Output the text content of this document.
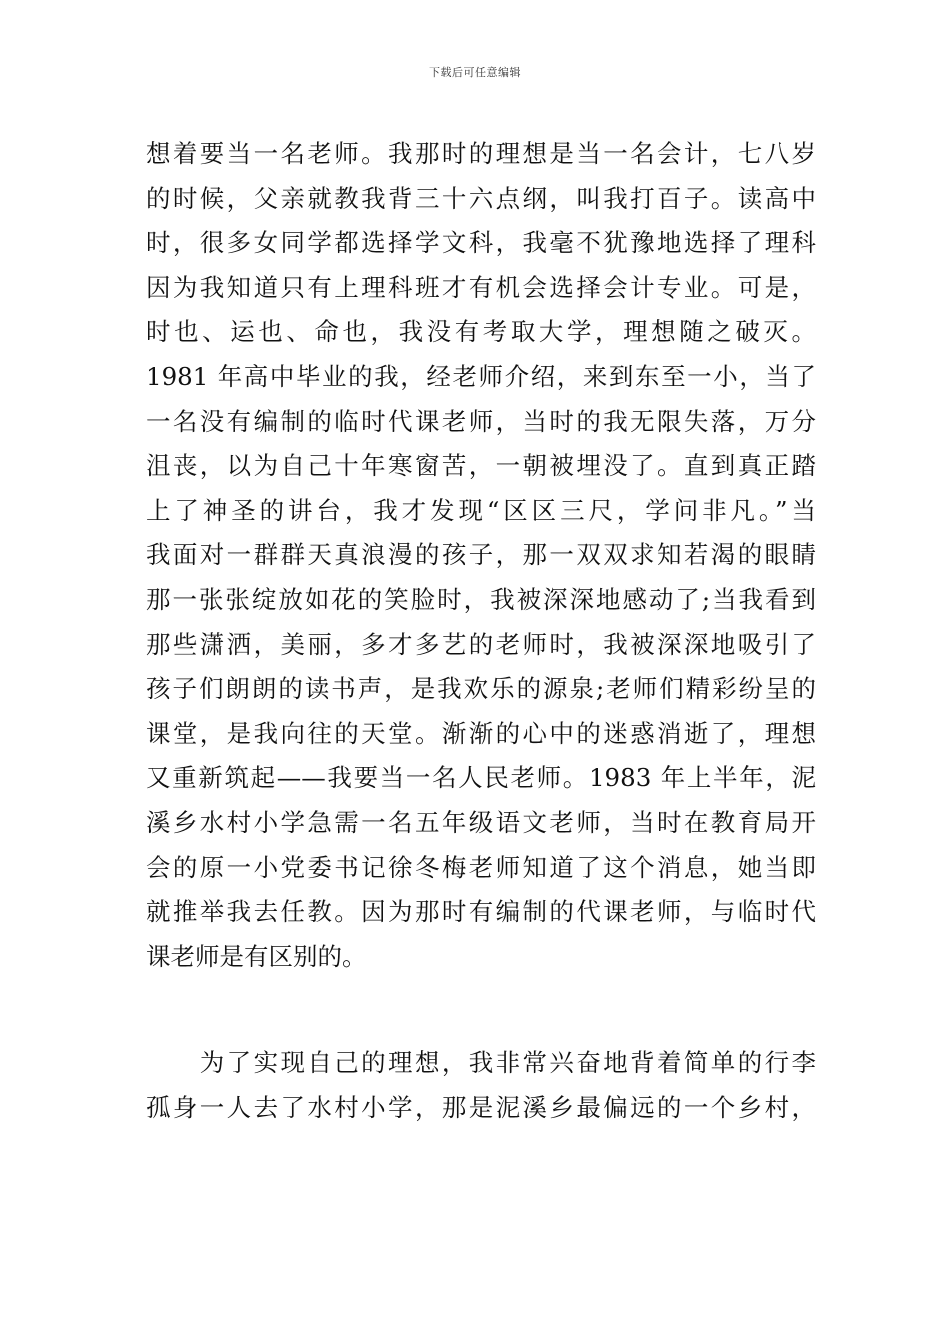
下载后可任意编辑
想着要当一名老师。我那时的理想是当一名会计，七八岁
的时候，父亲就教我背三十六点纲，叫我打百子。读高中
时，很多女同学都选择学文科，我毫不犹豫地选择了理科
因为我知道只有上理科班才有机会选择会计专业。可是，
时也、运也、命也，我没有考取大学，理想随之破灭。
1981 年高中毕业的我，经老师介绍，来到东至一小，当了
一名没有编制的临时代课老师，当时的我无限失落，万分
沮丧，以为自己十年寒窗苦，一朝被埋没了。直到真正踏
上了神圣的讲台，我才发现“区区三尺，学问非凡。”当
我面对一群群天真浪漫的孩子，那一双双求知若渴的眼睛
那一张张绽放如花的笑脸时，我被深深地感动了;当我看到
那些潇洒，美丽，多才多艺的老师时，我被深深地吸引了
孩子们朗朗的读书声，是我欢乐的源泉;老师们精彩纷呈的
课堂，是我向往的天堂。渐渐的心中的迷惑消逝了，理想
又重新筑起——我要当一名人民老师。1983 年上半年，泥
溪乡水村小学急需一名五年级语文老师，当时在教育局开
会的原一小党委书记徐冬梅老师知道了这个消息，她当即
就推举我去任教。因为那时有编制的代课老师，与临时代
课老师是有区别的。
　　为了实现自己的理想，我非常兴奋地背着简单的行李
孤身一人去了水村小学，那是泥溪乡最偏远的一个乡村，
